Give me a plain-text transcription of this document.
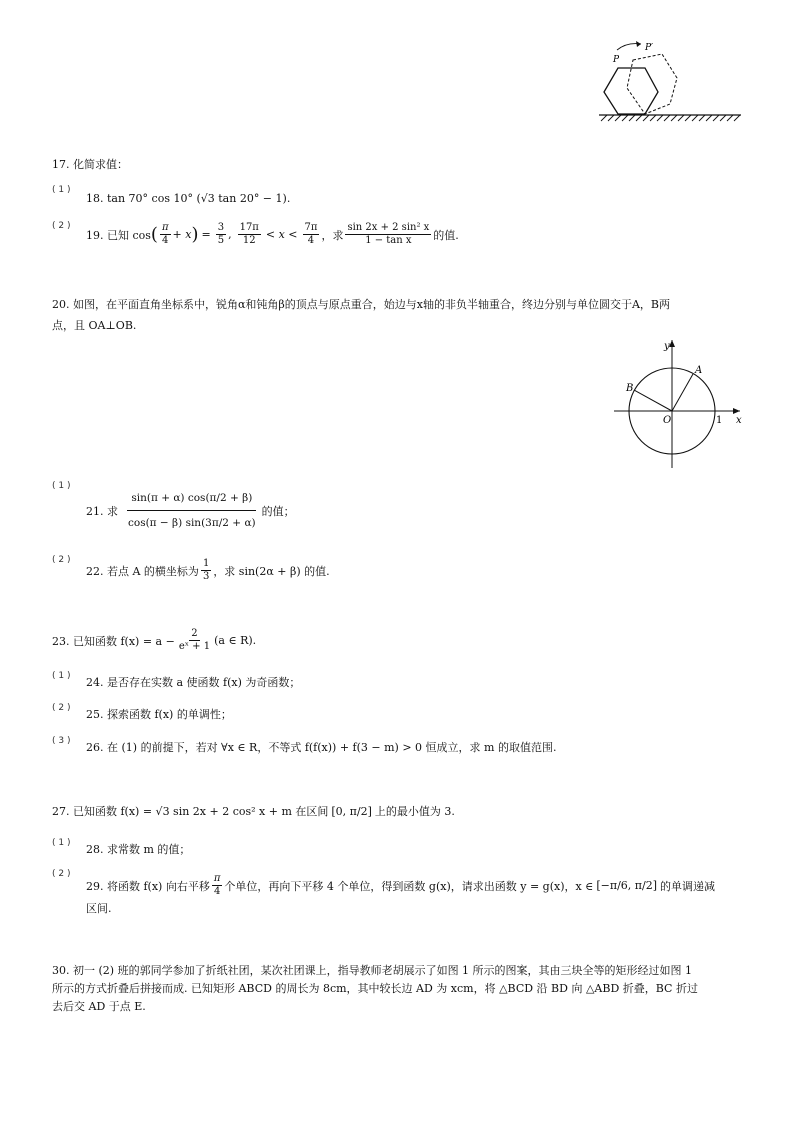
P
P′
17. 化简求值：
( 1 )
18. tan 70° cos 10° (√3 tan 20° − 1).
( 2 )
19. 已知 cos ( $\frac{\pi}{4} + x$ ) = $\frac{3}{5}$ , $\frac{17\pi}{12} < x < \frac{7\pi}{4}$ ，求 $\frac{\text{sin 2x + 2 sin² x}}{\text{1 − tan x}}$ 的值.
20. 如图，在平面直角坐标系中，锐角α和钝角β的顶点与原点重合，始边与x轴的非负半轴重合，终边分别与单位圆交于A，B两
点，且 OA⊥OB.
y
x
O
A
B
1
( 1 )
21. 求 $\frac{\sin(\pi + \alpha) \cos(\pi/2 + \beta)}{\cos(\pi - \beta) \sin(3\pi/2 + \alpha)}$ 的值；
( 2 )
22. 若点 A 的横坐标为 $\frac{1}{3}$ ，求 sin(2α + β) 的值.
23. 已知函数 $f(x) = a - \frac{2}{\text{eˣ + 1}} (a$ ∈ R).
( 1 ) 24. 是否存在实数 a 使函数 f(x) 为奇函数；
( 2 ) 25. 探索函数 f(x) 的单调性；
( 3 ) 26. 在 (1) 的前提下，若对 ∀x ∈ R，不等式 f(f(x)) + f(3 − m) > 0 恒成立，求 m 的取值范围.
27. 已知函数 f(x) = √3 sin 2x + 2 cos² x + m 在区间 [0, π/2] 上的最小值为 3.
( 1 ) 28. 求常数 m 的值；
( 2 )
29. 将函数 f(x) 向右平移 $\frac{\pi}{4}$ 个单位，再向下平移 4 个单位，得到函数 g(x)，请求出函数 y = g(x)，x ∈ [−π/6, π/2] 的单调递减
区间.
30. 初一 (2) 班的郭同学参加了折纸社团，某次社团课上，指导教师老胡展示了如图 1 所示的图案，其由三块全等的矩形经过如图 1
所示的方式折叠后拼接而成. 已知矩形 ABCD 的周长为 8cm，其中较长边 AD 为 xcm，将 △BCD 沿 BD 向 △ABD 折叠，BC 折过
去后交 AD 于点 E.
